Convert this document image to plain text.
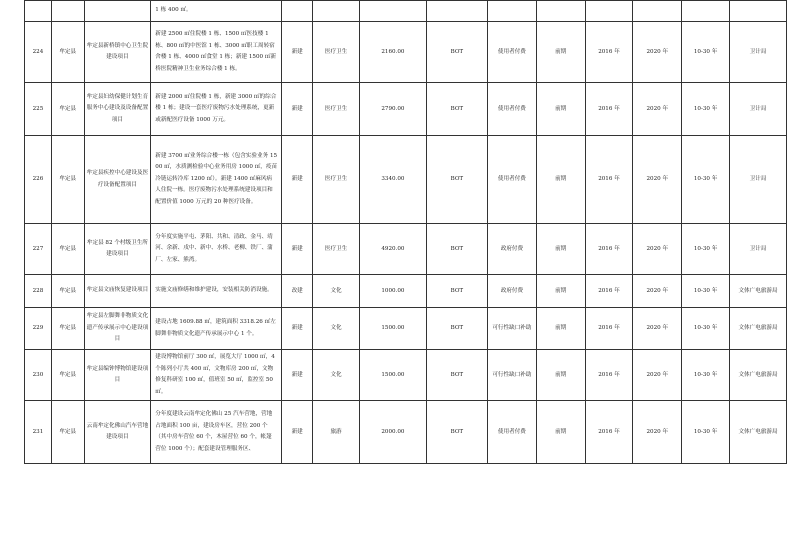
			1 栋 400 ㎡。										
224	牟定县	牟定县新桥镇中心卫生院建设项目	新建 2500 ㎡住院楼 1 栋、1500 ㎡医技楼 1 栋、800 ㎡的中医馆 1 栋、3000 ㎡职工周转宿舍楼 1 栋、4000 ㎡食堂 1 栋；新建 1500 ㎡新桥医院精神卫生业务综合楼 1 栋。	新建	医疗卫生	2160.00	BOT	使用者付费	前期	2016 年	2020 年	10-30 年	卫计局
225	牟定县	牟定县妇幼保健计划生育服务中心建设及设备配置项目	新建 2000 ㎡住院楼 1 栋，新建 3000 ㎡的综合楼 1 栋；建设一套医疗废物污水处理系统，更新或新配医疗设备 1000 万元。	新建	医疗卫生	2790.00	BOT	使用者付费	前期	2016 年	2020 年	10-30 年	卫计局
226	牟定县	牟定县疾控中心建设及医疗设备配置项目	新建 3700 ㎡业务综合楼一栋（包含实验业务 1500 ㎡，水质测检验中心业务用房 1000 ㎡，疫苗冷链运转冷库 1200 ㎡）。新建 1400 ㎡麻风病人住院一栋。医疗废物污水处理系统建设项目和配置价值 1000 万元的 20 种医疗设备。	新建	医疗卫生	3340.00	BOT	使用者付费	前期	2016 年	2020 年	10-30 年	卫计局
227	牟定县	牟定县 82 个村级卫生所建设项目	分年度实施平屯、茅阳、共和、清政、金马、靖河、余新、戌中、新中、水桥、老柳、铁厂、蒲厂、左家、熊湾。	新建	医疗卫生	4920.00	BOT	政府付费	前期	2016 年	2020 年	10-30 年	卫计局
228	牟定县	牟定县文庙恢复建设项目	实施文庙修缮和维护建设，安装相关防消设施。	改建	文化	1000.00	BOT	政府付费	前期	2016 年	2020 年	10-30 年	文体广电旅游局
229	牟定县	牟定县左脚舞非物质文化遗产传承展示中心建设项目	建设占地 1609.88 ㎡，建筑面积 3318.26 ㎡左脚舞非物质文化遗产传承展示中心 1 个。	新建	文化	1500.00	BOT	可行性缺口补助	前期	2016 年	2020 年	10-30 年	文体广电旅游局
230	牟定县	牟定县编钟博物馆建设项目	建设博物馆前厅 300 ㎡，展览大厅 1000 ㎡，4 个陈列小厅共 400 ㎡，文物库房 200 ㎡，文物修复科研室 100 ㎡，值班室 50 ㎡，监控室 50 ㎡。	新建	文化	1500.00	BOT	可行性缺口补助	前期	2016 年	2020 年	10-30 年	文体广电旅游局
231	牟定县	云南牟定化佛山汽车营地建设项目	分年度建设云南牟定化佛山 25 汽车营地，营地占地面积 100 亩，建设房车区，营位 200 个（其中房车营位 60 个，木屋营位 60 个，帐篷营位 1000 个）；配套建设管理服务区、	新建	旅游	2000.00	BOT	使用者付费	前期	2016 年	2020 年	10-30 年	文体广电旅游局
